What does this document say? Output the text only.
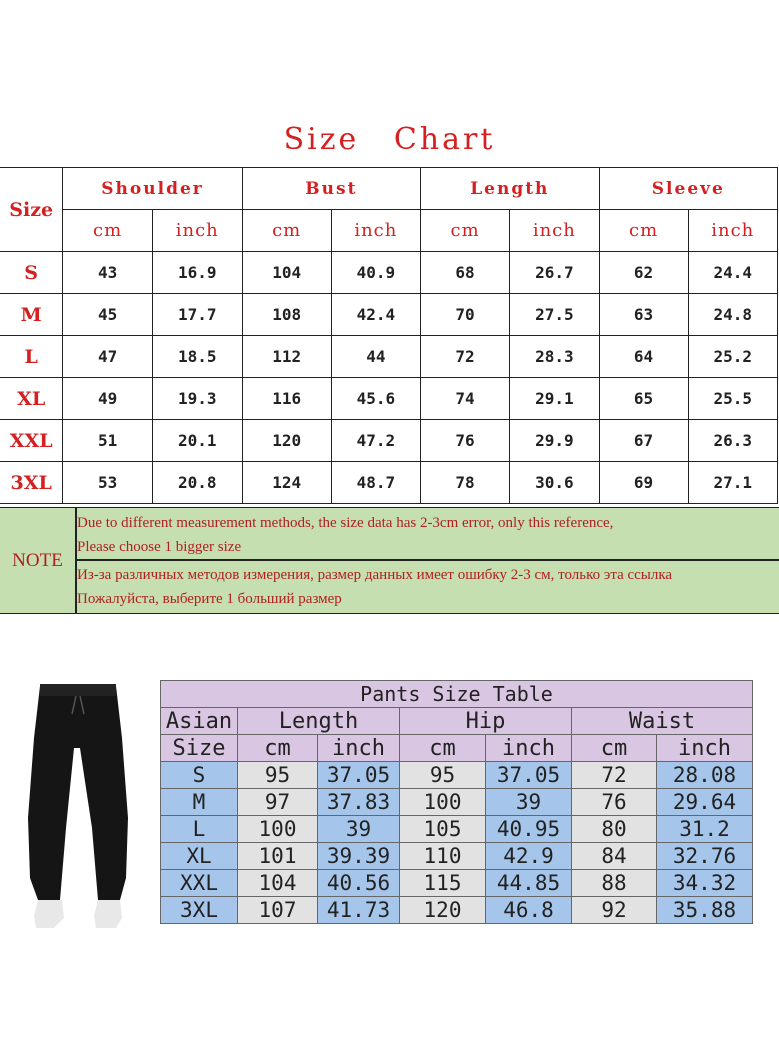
Size Chart
Size	Shoulder		Bust		Length		Sleeve	
	cm	inch	cm	inch	cm	inch	cm	inch
S	43	16.9	104	40.9	68	26.7	62	24.4
M	45	17.7	108	42.4	70	27.5	63	24.8
L	47	18.5	112	44	72	28.3	64	25.2
XL	49	19.3	116	45.6	74	29.1	65	25.5
XXL	51	20.1	120	47.2	76	29.9	67	26.3
3XL	53	20.8	124	48.7	78	30.6	69	27.1
NOTE
Due to different measurement methods, the size data has 2-3cm error, only this reference,
Please choose 1 bigger size
Из-за различных методов измерения, размер данных имеет ошибку 2-3 см, только эта ссылка
Пожалуйста, выберите 1 больший размер
Pants Size Table						
Asian	Length		Hip		Waist	
Size	cm	inch	cm	inch	cm	inch
S	95	37.05	95	37.05	72	28.08
M	97	37.83	100	39	76	29.64
L	100	39	105	40.95	80	31.2
XL	101	39.39	110	42.9	84	32.76
XXL	104	40.56	115	44.85	88	34.32
3XL	107	41.73	120	46.8	92	35.88
